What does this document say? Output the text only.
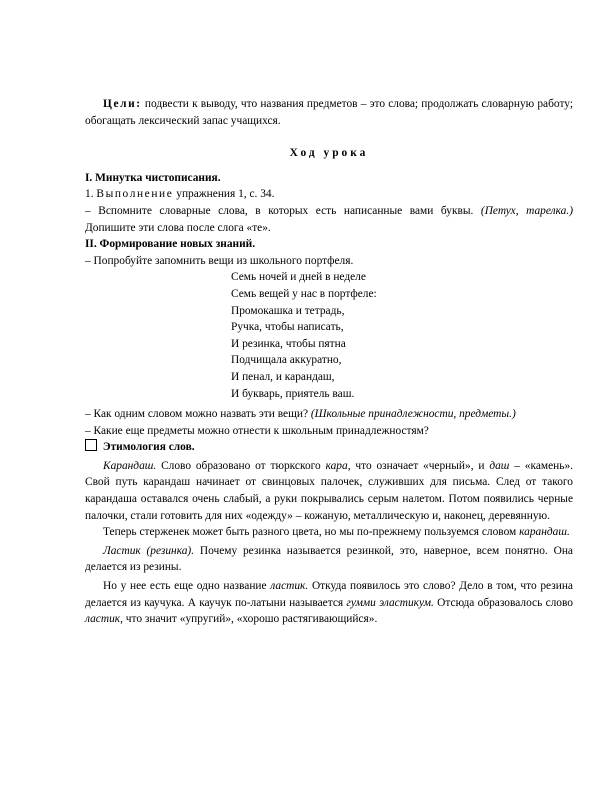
Цели: подвести к выводу, что названия предметов – это слова; продолжать словарную работу; обогащать лексический запас учащихся.

Ход урока

I. Минутка чистописания.

1. Выполнение упражнения 1, с. 34.

– Вспомните словарные слова, в которых есть написанные вами буквы. (Петух, тарелка.) Допишите эти слова после слога «те».

II. Формирование новых знаний.

– Попробуйте запомнить вещи из школьного портфеля.

Семь ночей и дней в неделе

Семь вещей у нас в портфеле:

Промокашка и тетрадь,

Ручка, чтобы написать,

И резинка, чтобы пятна

Подчищала аккуратно,

И пенал, и карандаш,

И букварь, приятель ваш.

– Как одним словом можно назвать эти вещи? (Школьные принадлежности, предметы.)

– Какие еще предметы можно отнести к школьным принадлежностям?

Этимология слов.

Карандаш. Слово образовано от тюркского кара, что означает «черный», и даш – «камень». Свой путь карандаш начинает от свинцовых палочек, служивших для письма. След от такого карандаша оставался очень слабый, а руки покрывались серым налетом. Потом появились черные палочки, стали готовить для них «одежду» – кожаную, металлическую и, наконец, деревянную.

Теперь стерженек может быть разного цвета, но мы по-прежнему пользуемся словом карандаш.

Ластик (резинка). Почему резинка называется резинкой, это, наверное, всем понятно. Она делается из резины.

Но у нее есть еще одно название ластик. Откуда появилось это слово? Дело в том, что резина делается из каучука. А каучук по-латыни называется гумми эластикум. Отсюда образовалось слово ластик, что значит «упругий», «хорошо растягивающийся».
